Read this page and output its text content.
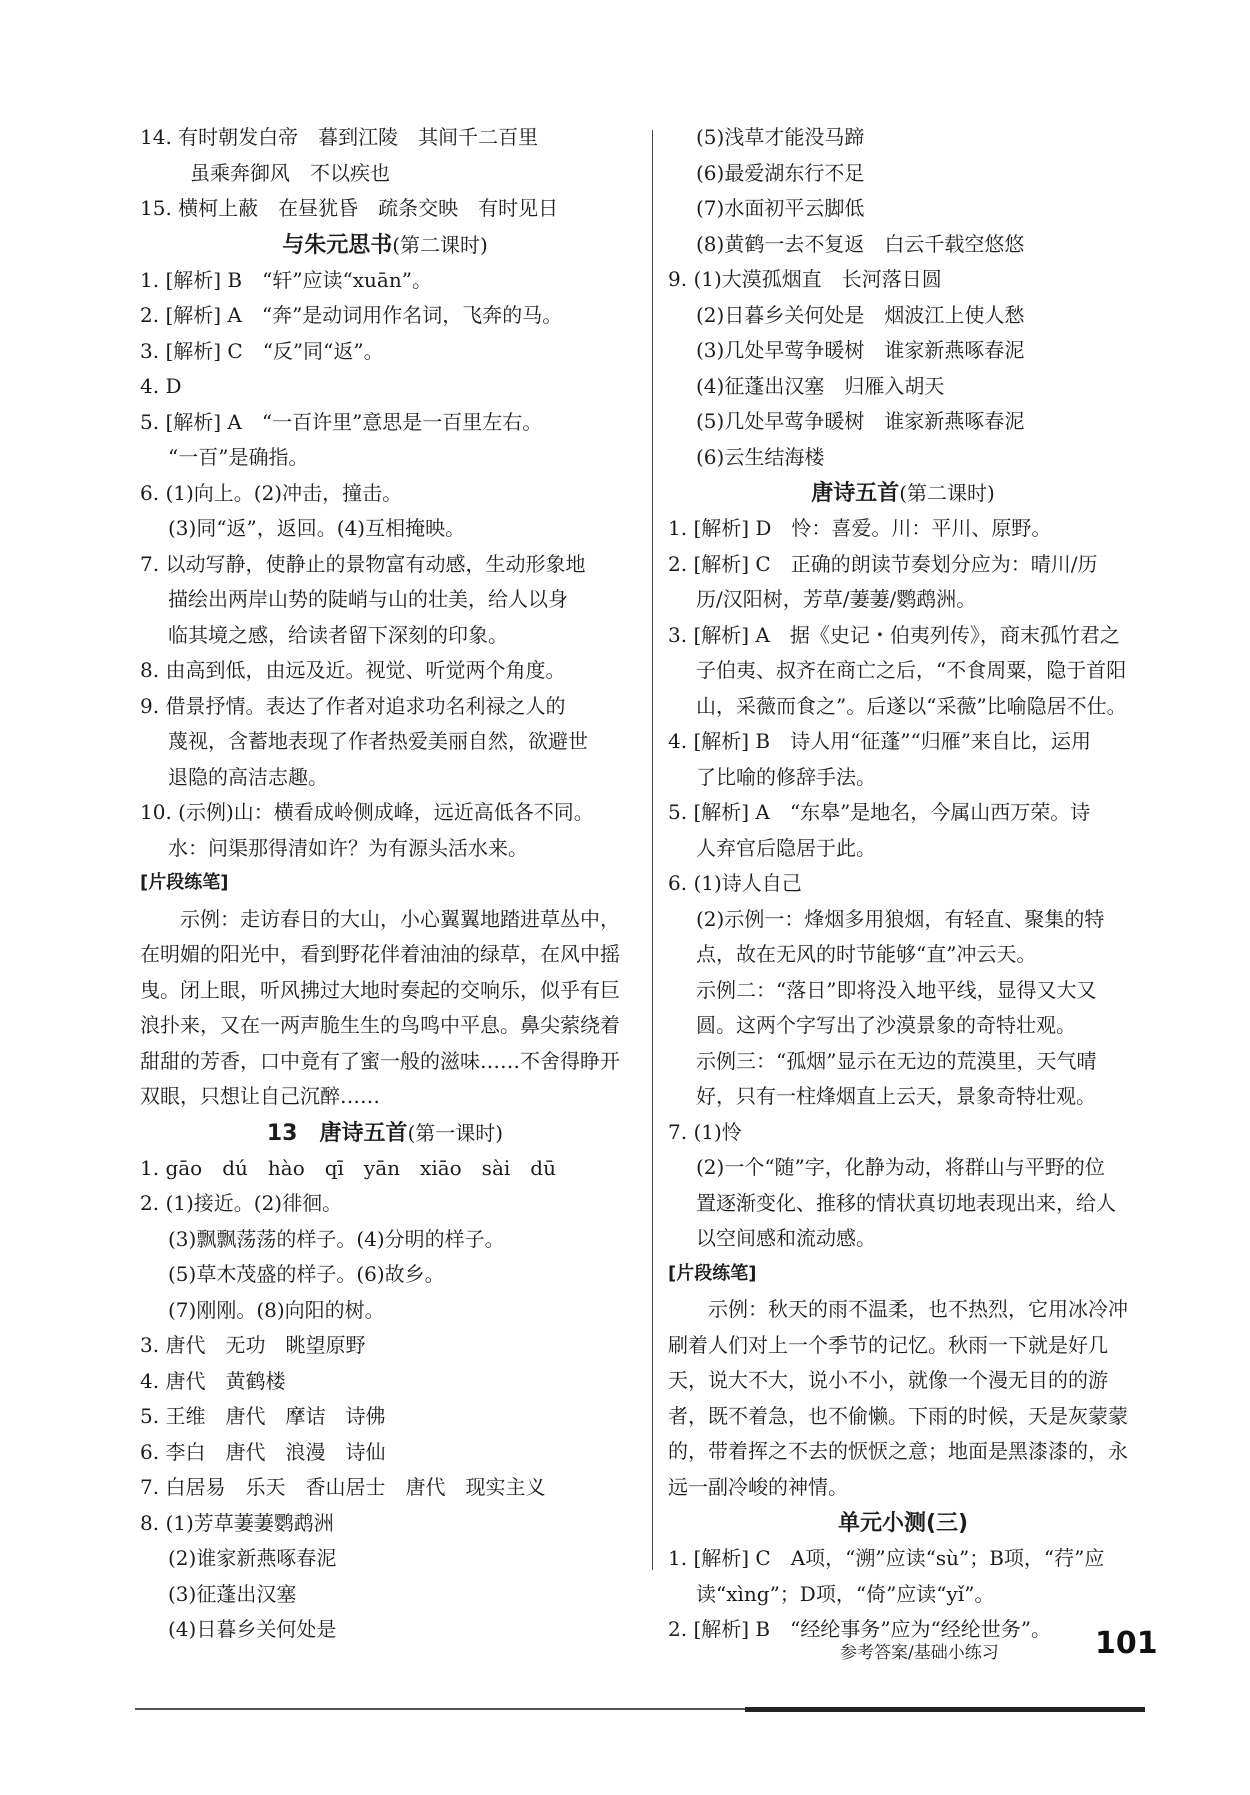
14. 有时朝发白帝　暮到江陵　其间千二百里
虽乘奔御风　不以疾也
15. 横柯上蔽　在昼犹昏　疏条交映　有时见日
与朱元思书(第二课时)
1. [解析] B　“轩”应读“xuān”。
2. [解析] A　“奔”是动词用作名词，飞奔的马。
3. [解析] C　“反”同“返”。
4. D
5. [解析] A　“一百许里”意思是一百里左右。
“一百”是确指。
6. (1)向上。(2)冲击，撞击。
(3)同“返”，返回。(4)互相掩映。
7. 以动写静，使静止的景物富有动感，生动形象地
描绘出两岸山势的陡峭与山的壮美，给人以身
临其境之感，给读者留下深刻的印象。
8. 由高到低，由远及近。视觉、听觉两个角度。
9. 借景抒情。表达了作者对追求功名利禄之人的
蔑视，含蓄地表现了作者热爱美丽自然，欲避世
退隐的高洁志趣。
10. (示例)山：横看成岭侧成峰，远近高低各不同。
水：问渠那得清如许？为有源头活水来。
[片段练笔]
示例：走访春日的大山，小心翼翼地踏进草丛中，在明媚的阳光中，看到野花伴着油油的绿草，在风中摇曳。闭上眼，听风拂过大地时奏起的交响乐，似乎有巨浪扑来，又在一两声脆生生的鸟鸣中平息。鼻尖萦绕着甜甜的芳香，口中竟有了蜜一般的滋味……不舍得睁开双眼，只想让自己沉醉……
13　唐诗五首(第一课时)
1. gāo　dú　hào　qī　yān　xiāo　sài　dū
2. (1)接近。(2)徘徊。
(3)飘飘荡荡的样子。(4)分明的样子。
(5)草木茂盛的样子。(6)故乡。
(7)刚刚。(8)向阳的树。
3. 唐代　无功　眺望原野
4. 唐代　黄鹤楼
5. 王维　唐代　摩诘　诗佛
6. 李白　唐代　浪漫　诗仙
7. 白居易　乐天　香山居士　唐代　现实主义
8. (1)芳草萋萋鹦鹉洲
(2)谁家新燕啄春泥
(3)征蓬出汉塞
(4)日暮乡关何处是
(5)浅草才能没马蹄
(6)最爱湖东行不足
(7)水面初平云脚低
(8)黄鹤一去不复返　白云千载空悠悠
9. (1)大漠孤烟直　长河落日圆
(2)日暮乡关何处是　烟波江上使人愁
(3)几处早莺争暖树　谁家新燕啄春泥
(4)征蓬出汉塞　归雁入胡天
(5)几处早莺争暖树　谁家新燕啄春泥
(6)云生结海楼
唐诗五首(第二课时)
1. [解析] D　怜：喜爱。川：平川、原野。
2. [解析] C　正确的朗读节奏划分应为：晴川/历
历/汉阳树，芳草/萋萋/鹦鹉洲。
3. [解析] A　据《史记・伯夷列传》，商末孤竹君之
子伯夷、叔齐在商亡之后，“不食周粟，隐于首阳
山，采薇而食之”。后遂以“采薇”比喻隐居不仕。
4. [解析] B　诗人用“征蓬”“归雁”来自比，运用
了比喻的修辞手法。
5. [解析] A　“东皋”是地名，今属山西万荣。诗
人弃官后隐居于此。
6. (1)诗人自己
(2)示例一：烽烟多用狼烟，有轻直、聚集的特
点，故在无风的时节能够“直”冲云天。
示例二：“落日”即将没入地平线，显得又大又
圆。这两个字写出了沙漠景象的奇特壮观。
示例三：“孤烟”显示在无边的荒漠里，天气晴
好，只有一柱烽烟直上云天，景象奇特壮观。
7. (1)怜
(2)一个“随”字，化静为动，将群山与平野的位
置逐渐变化、推移的情状真切地表现出来，给人
以空间感和流动感。
[片段练笔]
示例：秋天的雨不温柔，也不热烈，它用冰冷冲刷着人们对上一个季节的记忆。秋雨一下就是好几天，说大不大，说小不小，就像一个漫无目的的游者，既不着急，也不偷懒。下雨的时候，天是灰蒙蒙的，带着挥之不去的恹恹之意；地面是黑漆漆的，永远一副冷峻的神情。
单元小测(三)
1. [解析] C　A项，“溯”应读“sù”；B项，“荇”应
读“xìng”；D项，“倚”应读“yǐ”。
2. [解析] B　“经纶事务”应为“经纶世务”。
参考答案/基础小练习	101
